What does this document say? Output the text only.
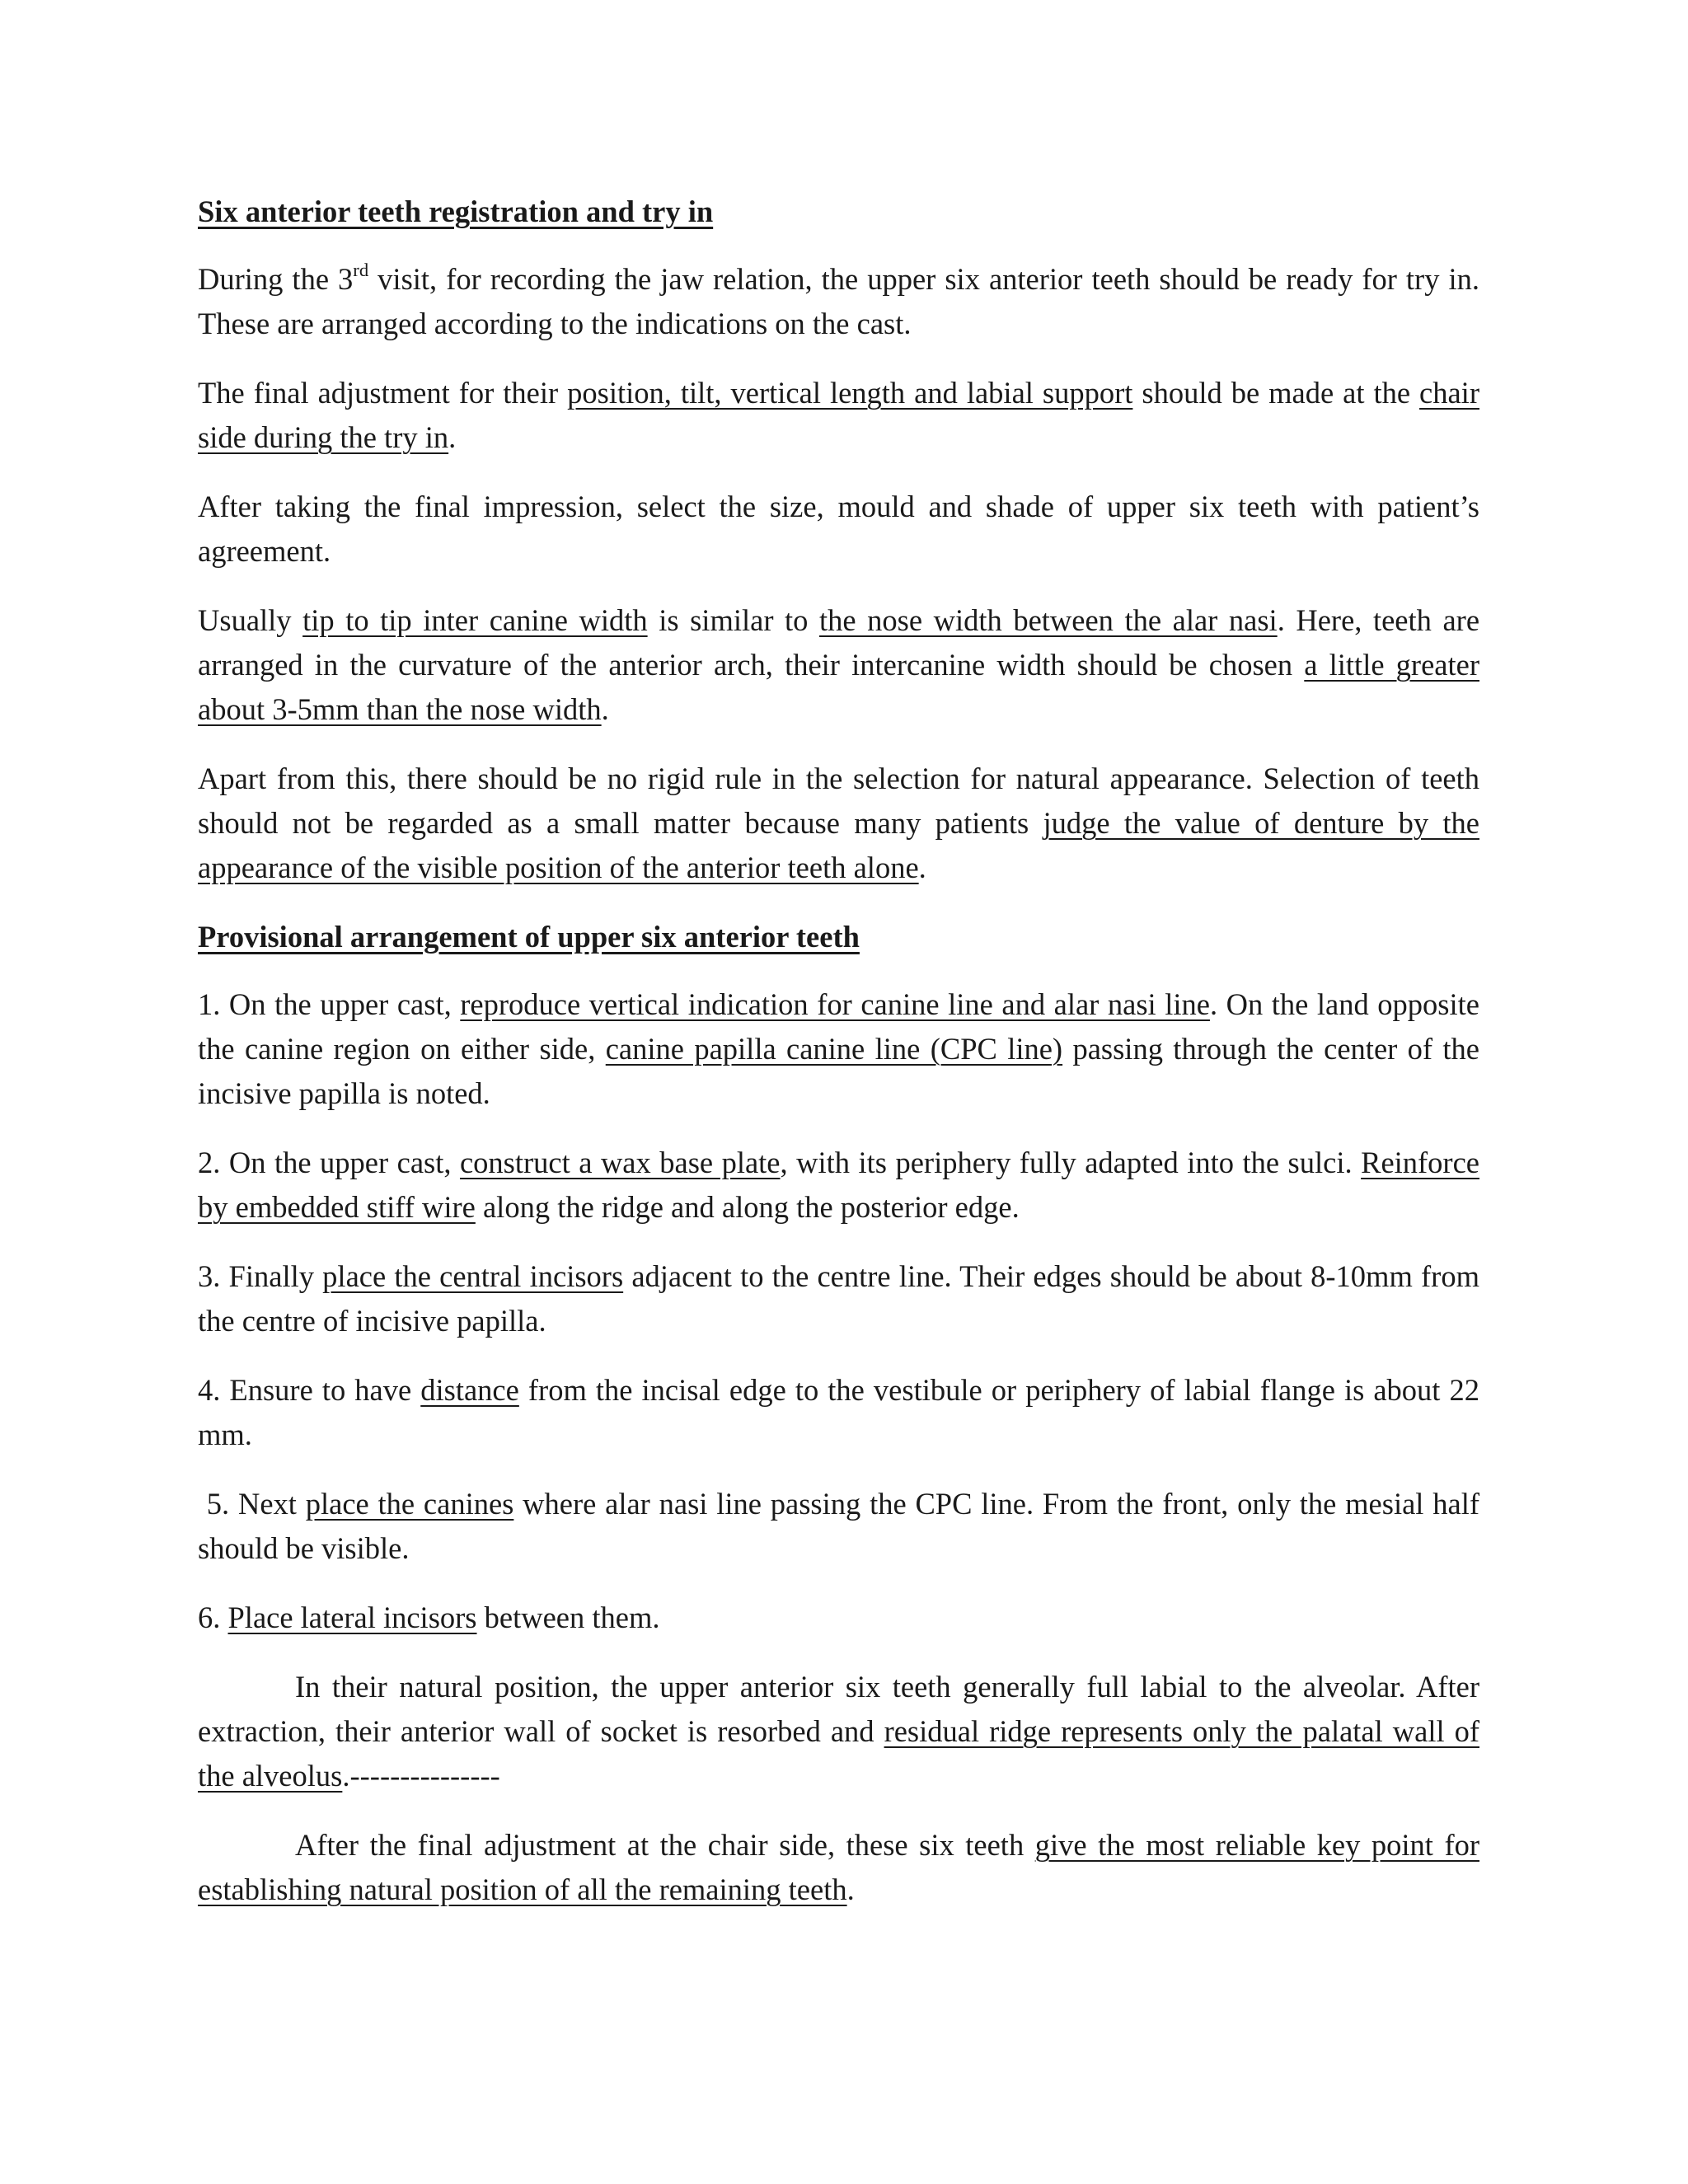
Six anterior teeth registration and try in

During the 3rd visit, for recording the jaw relation, the upper six anterior teeth should be ready for try in. These are arranged according to the indications on the cast.

The final adjustment for their position, tilt, vertical length and labial support should be made at the chair side during the try in.

After taking the final impression, select the size, mould and shade of upper six teeth with patient’s agreement.

Usually tip to tip inter canine width is similar to the nose width between the alar nasi. Here, teeth are arranged in the curvature of the anterior arch, their intercanine width should be chosen a little greater about 3-5mm than the nose width.

Apart from this, there should be no rigid rule in the selection for natural appearance. Selection of teeth should not be regarded as a small matter because many patients judge the value of denture by the appearance of the visible position of the anterior teeth alone.

Provisional arrangement of upper six anterior teeth

1. On the upper cast, reproduce vertical indication for canine line and alar nasi line. On the land opposite the canine region on either side, canine papilla canine line (CPC line) passing through the center of the incisive papilla is noted.

2. On the upper cast, construct a wax base plate, with its periphery fully adapted into the sulci. Reinforce by embedded stiff wire along the ridge and along the posterior edge.

3. Finally place the central incisors adjacent to the centre line. Their edges should be about 8-10mm from the centre of incisive papilla.

4. Ensure to have distance from the incisal edge to the vestibule or periphery of labial flange is about 22 mm.

5. Next place the canines where alar nasi line passing the CPC line. From the front, only the mesial half should be visible.

6. Place lateral incisors between them.

In their natural position, the upper anterior six teeth generally full labial to the alveolar. After extraction, their anterior wall of socket is resorbed and residual ridge represents only the palatal wall of the alveolus.---------------

After the final adjustment at the chair side, these six teeth give the most reliable key point for establishing natural position of all the remaining teeth.
